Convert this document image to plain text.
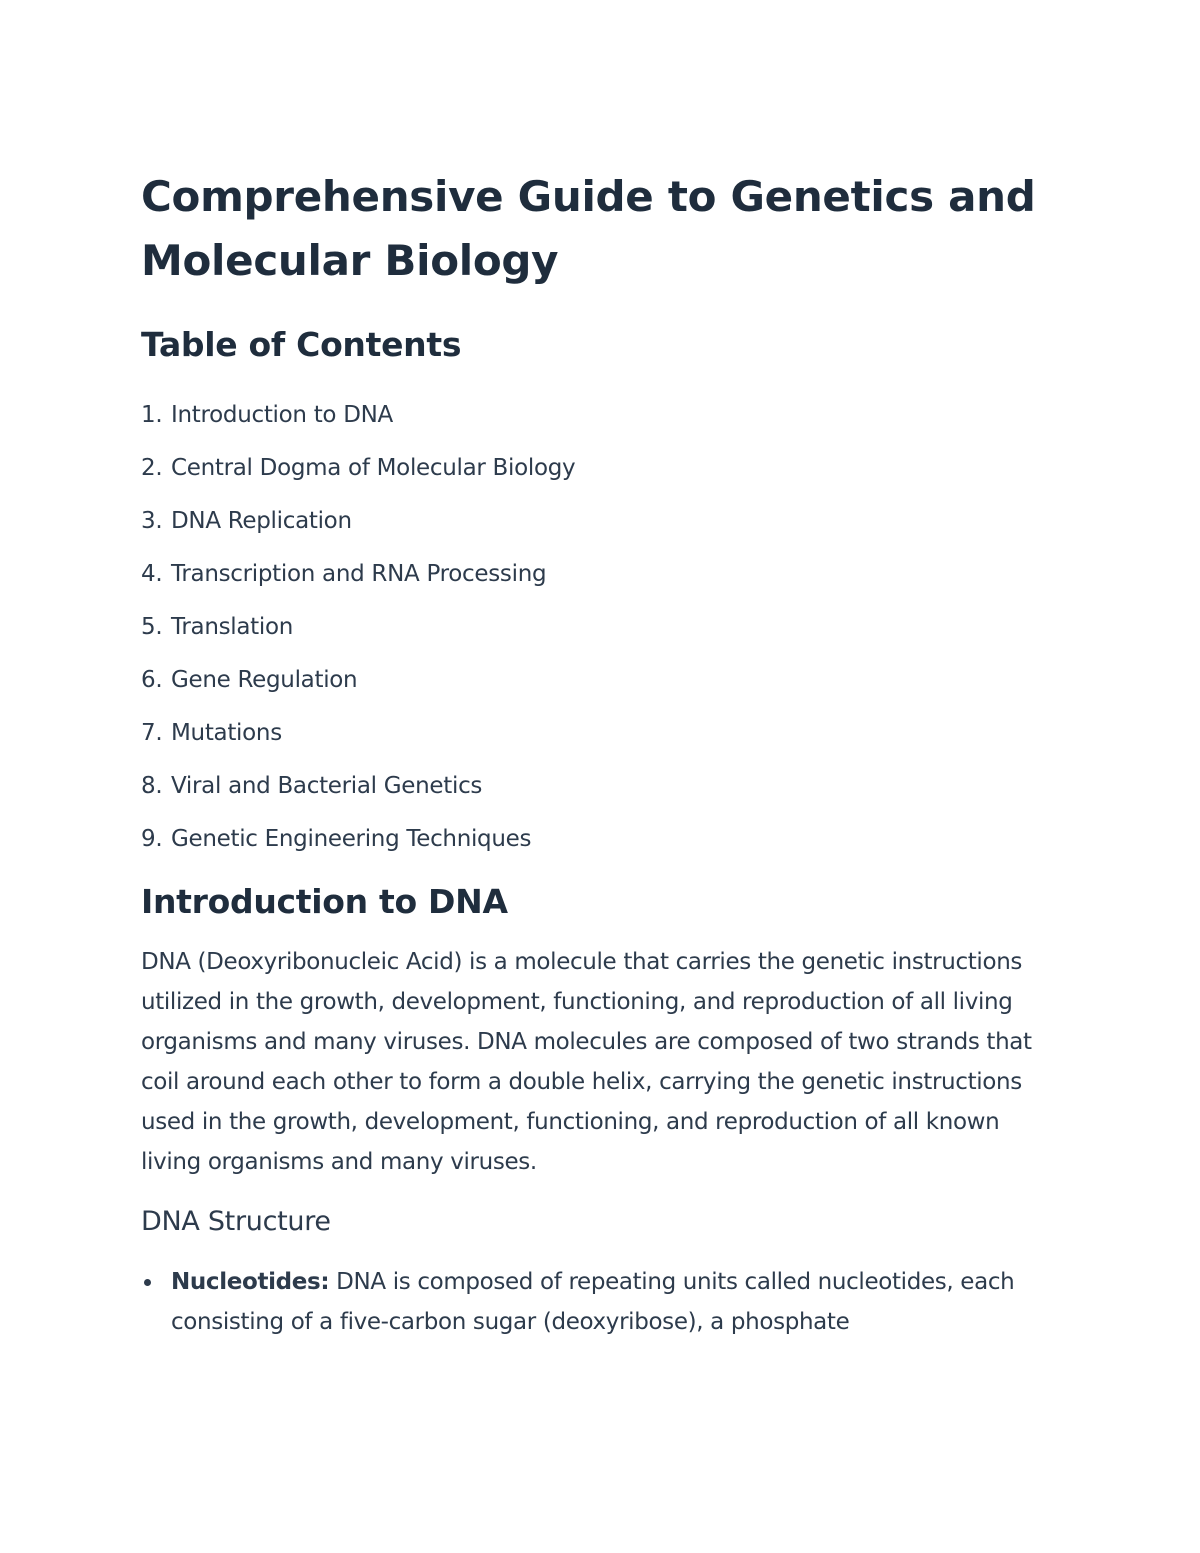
Comprehensive Guide to Genetics and Molecular Biology
Table of Contents
1. Introduction to DNA
2. Central Dogma of Molecular Biology
3. DNA Replication
4. Transcription and RNA Processing
5. Translation
6. Gene Regulation
7. Mutations
8. Viral and Bacterial Genetics
9. Genetic Engineering Techniques
Introduction to DNA

DNA (Deoxyribonucleic Acid) is a molecule that carries the genetic instructions utilized in the growth, development, functioning, and reproduction of all living organisms and many viruses. DNA molecules are composed of two strands that coil around each other to form a double helix, carrying the genetic instructions used in the growth, development, functioning, and reproduction of all known living organisms and many viruses.

DNA Structure
Nucleotides: DNA is composed of repeating units called nucleotides, each consisting of a five-carbon sugar (deoxyribose), a phosphate
